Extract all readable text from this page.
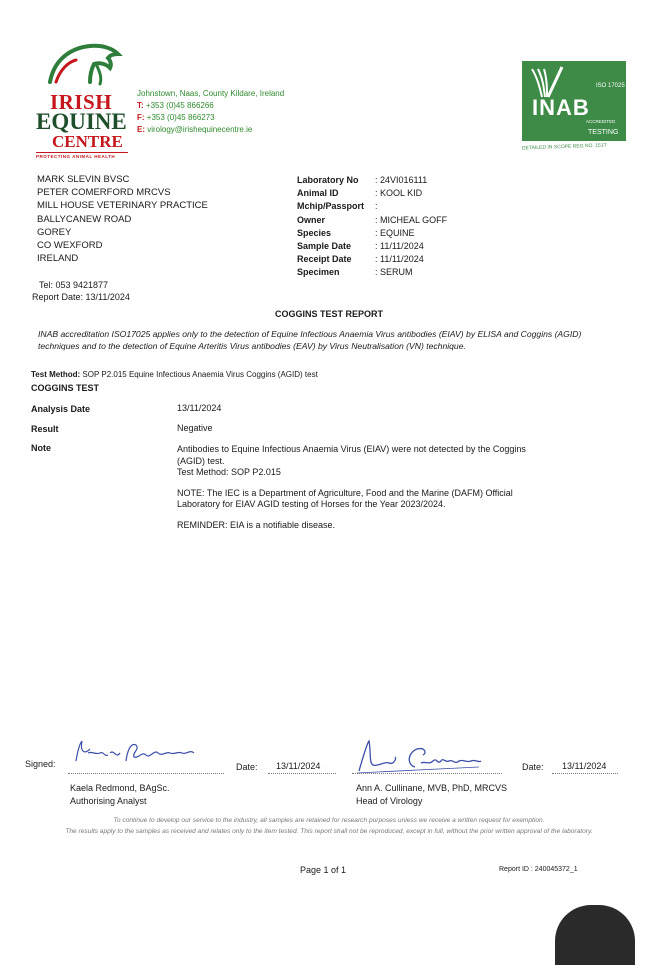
IRISH
EQUINE
CENTRE
PROTECTING ANIMAL HEALTH
Johnstown, Naas, County Kildare, Ireland
T: +353 (0)45 866266
F: +353 (0)45 866273
E: virology@irishequinecentre.ie
ISO 17025
INAB
ACCREDITED
TESTING
DETAILED IN SCOPE REG NO. 151T
MARK SLEVIN BVSC
PETER COMERFORD MRCVS
MILL HOUSE VETERINARY PRACTICE
BALLYCANEW ROAD
GOREY
CO WEXFORD
IRELAND
Tel: 053 9421877
Report Date: 13/11/2024
Laboratory No	: 24VI016111
Animal ID	: KOOL KID
Mchip/Passport	:
Owner	: MICHEAL GOFF
Species	: EQUINE
Sample Date	: 11/11/2024
Receipt Date	: 11/11/2024
Specimen	: SERUM
COGGINS TEST REPORT
INAB accreditation ISO17025 applies only to the detection of Equine Infectious Anaemia Virus antibodies (EIAV) by ELISA and Coggins (AGID) techniques and to the detection of Equine Arteritis Virus antibodies (EAV) by Virus Neutralisation (VN) technique.
Test Method: SOP P2.015 Equine Infectious Anaemia Virus Coggins (AGID) test
COGGINS TEST
Analysis Date	13/11/2024
Result	Negative
Note	Antibodies to Equine Infectious Anaemia Virus (EIAV) were not detected by the Coggins (AGID) test.

Test Method: SOP P2.015

NOTE: The IEC is a Department of Agriculture, Food and the Marine (DAFM) Official Laboratory for EIAV AGID testing of Horses for the Year 2023/2024.

REMINDER: EIA is a notifiable disease.

Signed:	Date: 13/11/2024
Kaela Redmond, BAgSc.
Authorising Analyst
Date: 13/11/2024
Ann A. Cullinane, MVB, PhD, MRCVS
Head of Virology
To continue to develop our service to the industry, all samples are retained for research purposes unless we receive a written request for exemption.
The results apply to the samples as received and relates only to the item tested. This report shall not be reproduced, except in full, without the prior written approval of the laboratory.
Page 1 of 1	Report ID : 240045372_1
